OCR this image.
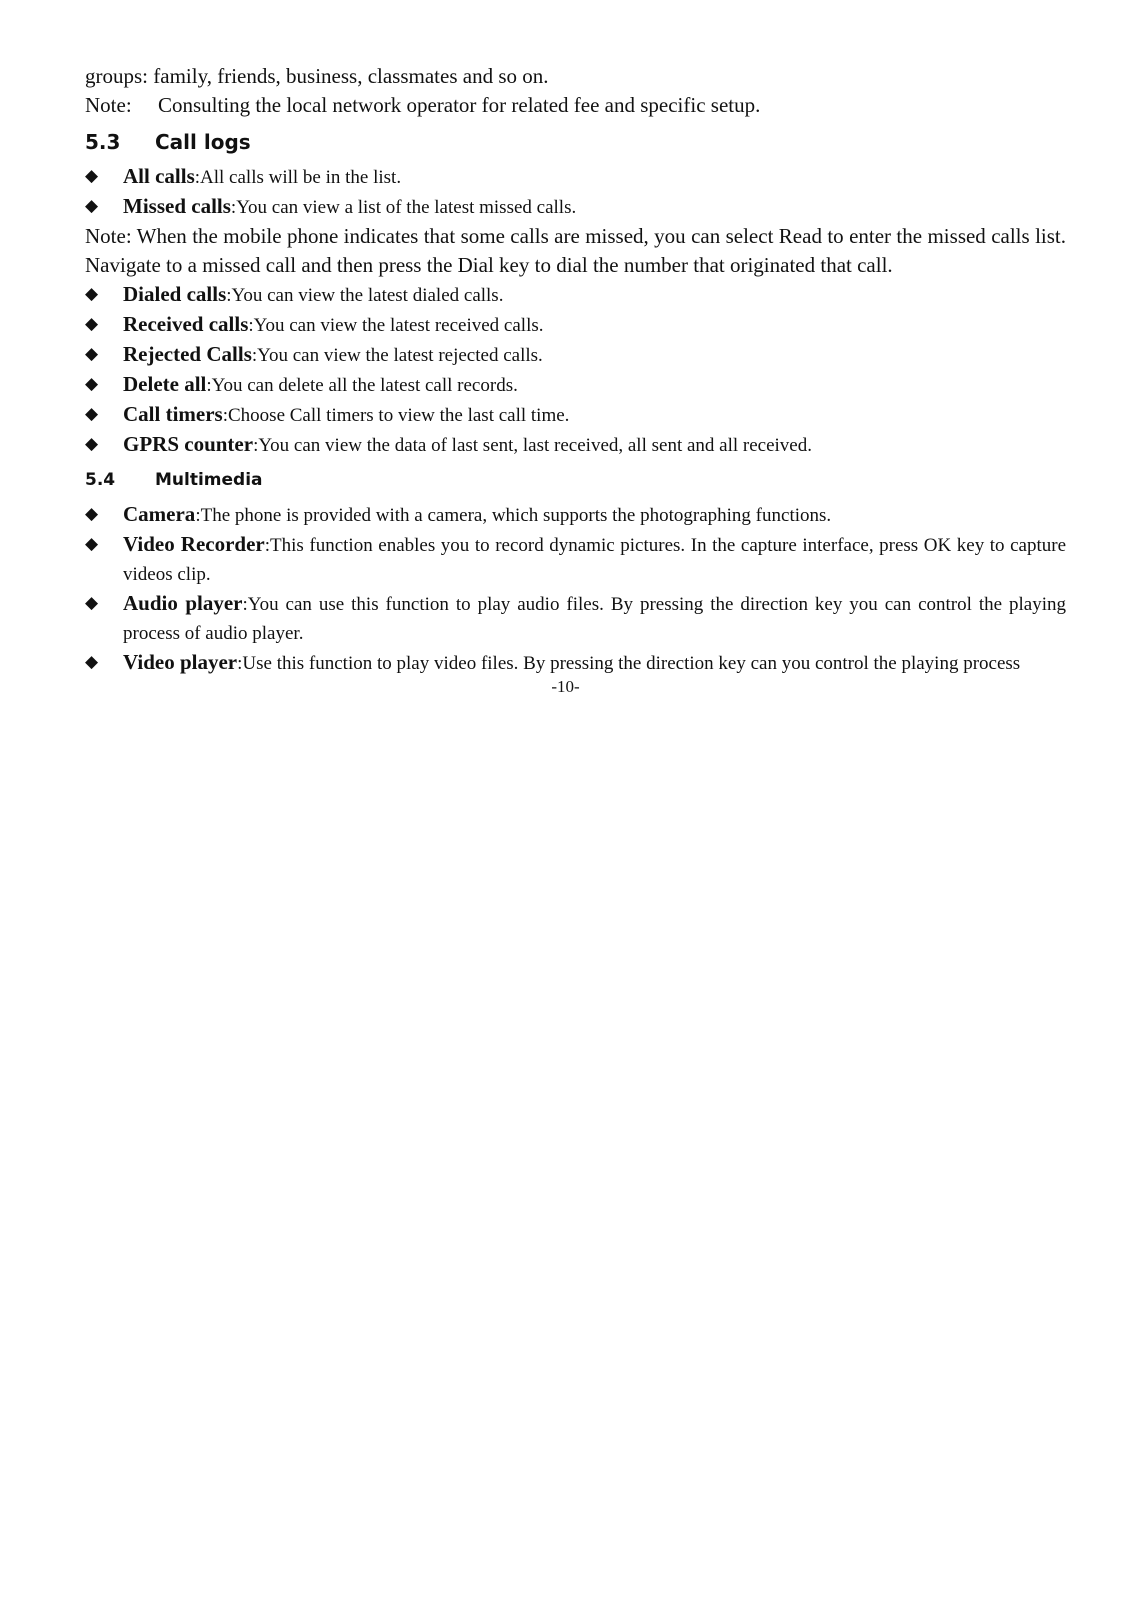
groups: family, friends, business, classmates and so on.

Note: Consulting the local network operator for related fee and specific setup.

5.3	Call logs
◆ All calls:All calls will be in the list.
◆ Missed calls:You can view a list of the latest missed calls.

Note: When the mobile phone indicates that some calls are missed, you can select Read to enter the missed calls list. Navigate to a missed call and then press the Dial key to dial the number that originated that call.

◆ Dialed calls:You can view the latest dialed calls.
◆ Received calls:You can view the latest received calls.
◆ Rejected Calls:You can view the latest rejected calls.
◆ Delete all:You can delete all the latest call records.
◆ Call timers:Choose Call timers to view the last call time.
◆ GPRS counter:You can view the data of last sent, last received, all sent and all received.
5.4	Multimedia
◆ Camera:The phone is provided with a camera, which supports the photographing functions.
◆ Video Recorder:This function enables you to record dynamic pictures. In the capture interface, press OK key to capture videos clip.
◆ Audio player:You can use this function to play audio files. By pressing the direction key you can control the playing process of audio player.
◆ Video player:Use this function to play video files. By pressing the direction key can you control the playing process
-10-
